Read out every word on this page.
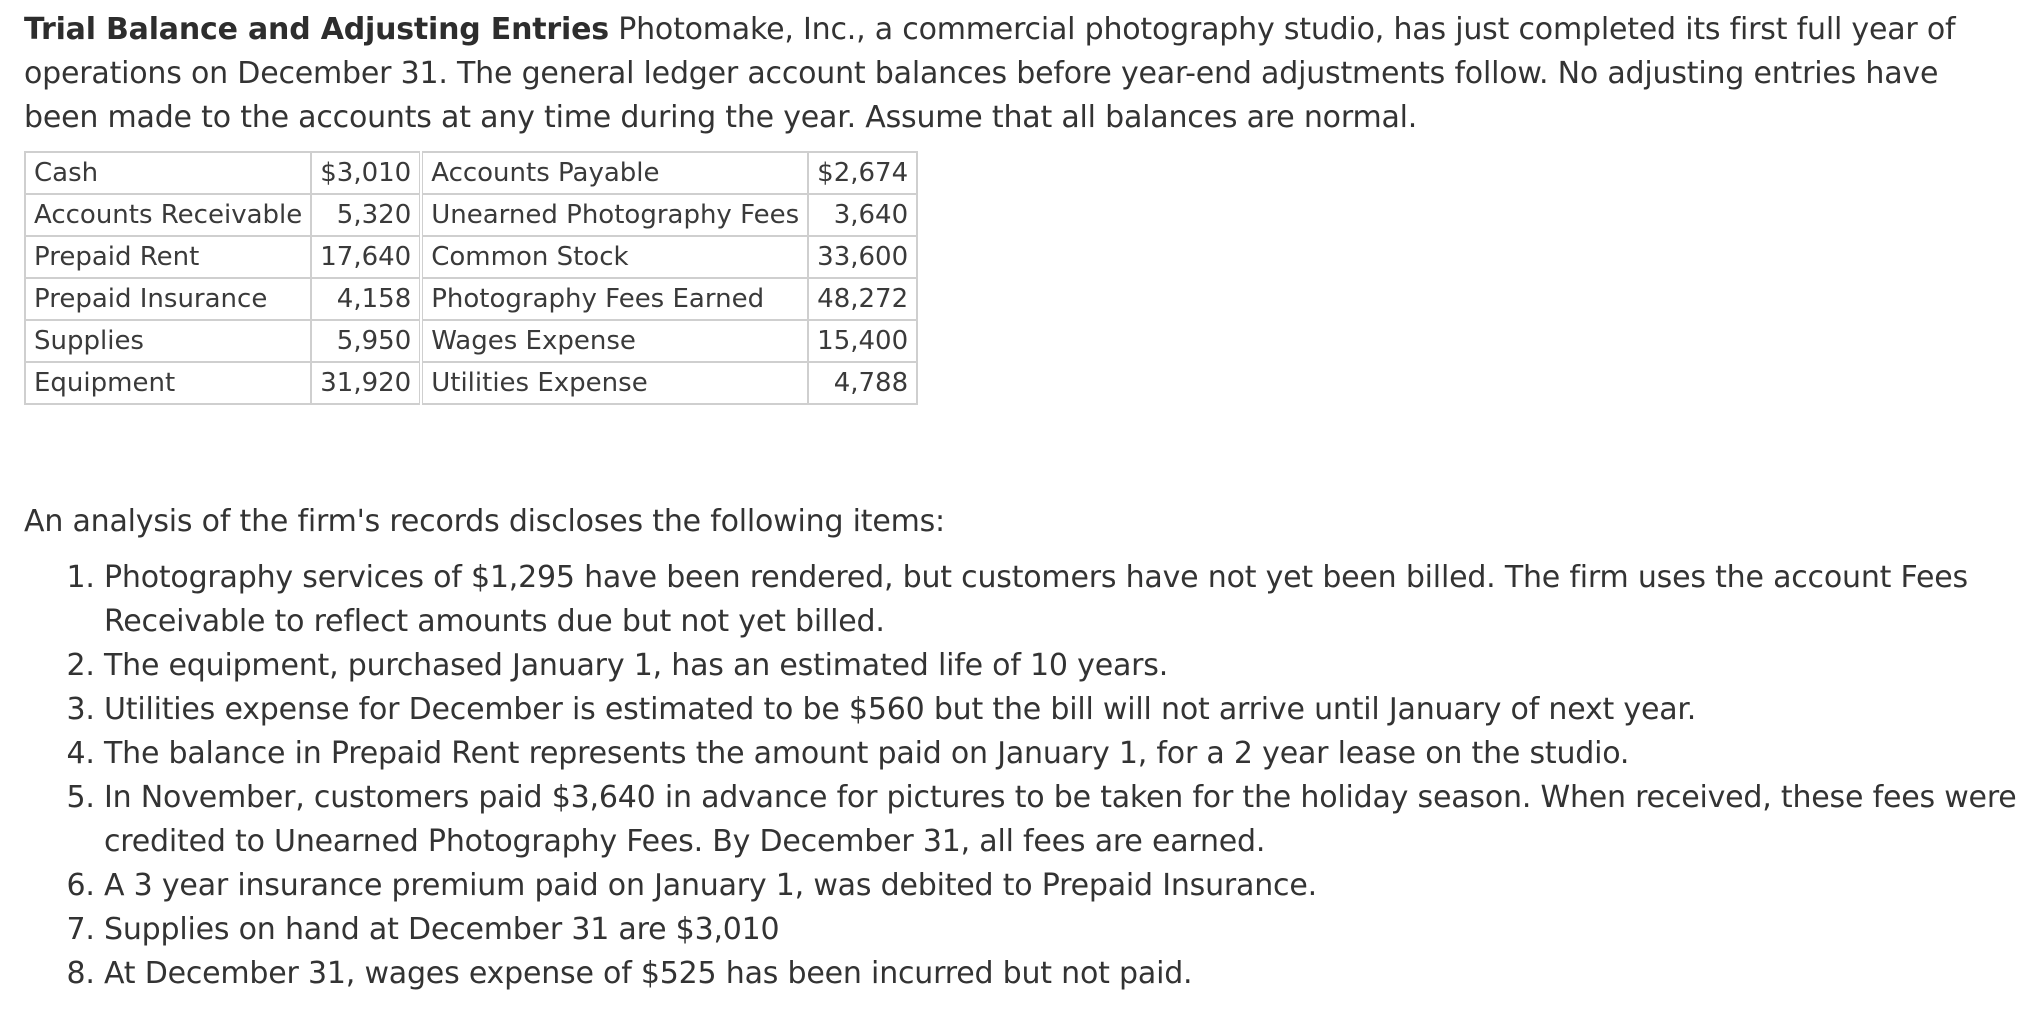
Trial Balance and Adjusting Entries Photomake, Inc., a commercial photography studio, has just completed its first full year of operations on December 31. The general ledger account balances before year-end adjustments follow. No adjusting entries have been made to the accounts at any time during the year. Assume that all balances are normal.

Cash	$3,010	Accounts Payable	$2,674
Accounts Receivable	5,320	Unearned Photography Fees	3,640
Prepaid Rent	17,640	Common Stock	33,600
Prepaid Insurance	4,158	Photography Fees Earned	48,272
Supplies	5,950	Wages Expense	15,400
Equipment	31,920	Utilities Expense	4,788

An analysis of the firm's records discloses the following items:

1. Photography services of $1,295 have been rendered, but customers have not yet been billed. The firm uses the account Fees Receivable to reflect amounts due but not yet billed.
2. The equipment, purchased January 1, has an estimated life of 10 years.
3. Utilities expense for December is estimated to be $560 but the bill will not arrive until January of next year.
4. The balance in Prepaid Rent represents the amount paid on January 1, for a 2 year lease on the studio.
5. In November, customers paid $3,640 in advance for pictures to be taken for the holiday season. When received, these fees were credited to Unearned Photography Fees. By December 31, all fees are earned.
6. A 3 year insurance premium paid on January 1, was debited to Prepaid Insurance.
7. Supplies on hand at December 31 are $3,010
8. At December 31, wages expense of $525 has been incurred but not paid.
